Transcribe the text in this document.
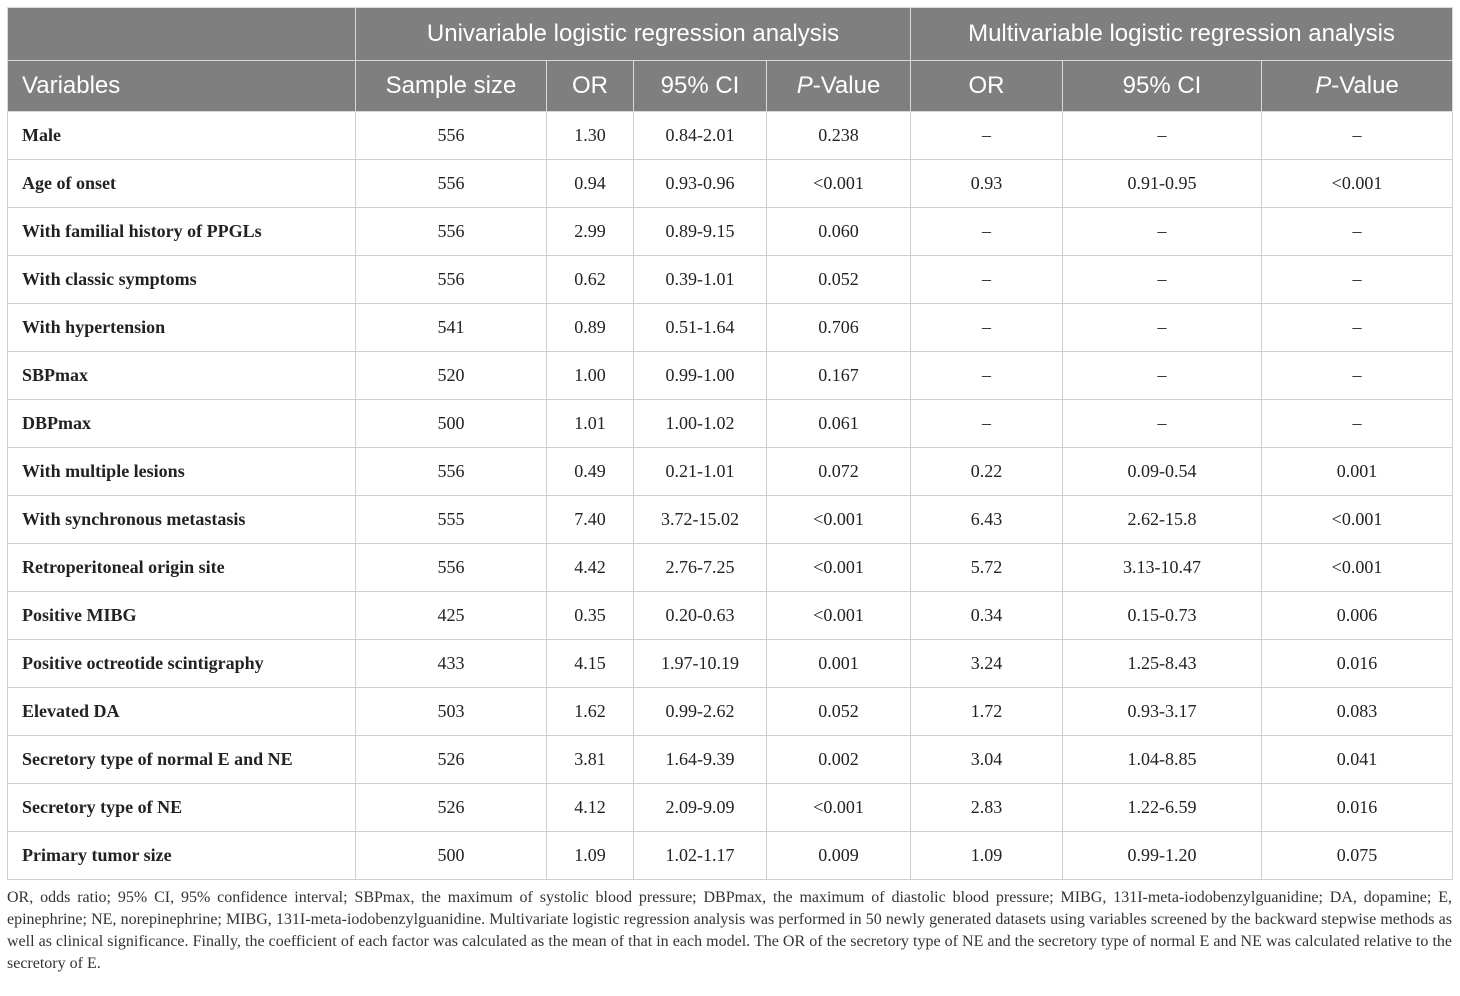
	Univariable logistic regression analysis				Multivariable logistic regression analysis		
Variables	Sample size	OR	95% CI	P-Value	OR	95% CI	P-Value
Male	556	1.30	0.84-2.01	0.238	–	–	–
Age of onset	556	0.94	0.93-0.96	<0.001	0.93	0.91-0.95	<0.001
With familial history of PPGLs	556	2.99	0.89-9.15	0.060	–	–	–
With classic symptoms	556	0.62	0.39-1.01	0.052	–	–	–
With hypertension	541	0.89	0.51-1.64	0.706	–	–	–
SBPmax	520	1.00	0.99-1.00	0.167	–	–	–
DBPmax	500	1.01	1.00-1.02	0.061	–	–	–
With multiple lesions	556	0.49	0.21-1.01	0.072	0.22	0.09-0.54	0.001
With synchronous metastasis	555	7.40	3.72-15.02	<0.001	6.43	2.62-15.8	<0.001
Retroperitoneal origin site	556	4.42	2.76-7.25	<0.001	5.72	3.13-10.47	<0.001
Positive MIBG	425	0.35	0.20-0.63	<0.001	0.34	0.15-0.73	0.006
Positive octreotide scintigraphy	433	4.15	1.97-10.19	0.001	3.24	1.25-8.43	0.016
Elevated DA	503	1.62	0.99-2.62	0.052	1.72	0.93-3.17	0.083
Secretory type of normal E and NE	526	3.81	1.64-9.39	0.002	3.04	1.04-8.85	0.041
Secretory type of NE	526	4.12	2.09-9.09	<0.001	2.83	1.22-6.59	0.016
Primary tumor size	500	1.09	1.02-1.17	0.009	1.09	0.99-1.20	0.075

OR, odds ratio; 95% CI, 95% confidence interval; SBPmax, the maximum of systolic blood pressure; DBPmax, the maximum of diastolic blood pressure; MIBG, 131I-meta-iodobenzylguanidine; DA, dopamine; E, epinephrine; NE, norepinephrine; MIBG, 131I-meta-iodobenzylguanidine. Multivariate logistic regression analysis was performed in 50 newly generated datasets using variables screened by the backward stepwise methods as well as clinical significance. Finally, the coefficient of each factor was calculated as the mean of that in each model. The OR of the secretory type of NE and the secretory type of normal E and NE was calculated relative to the secretory of E.
